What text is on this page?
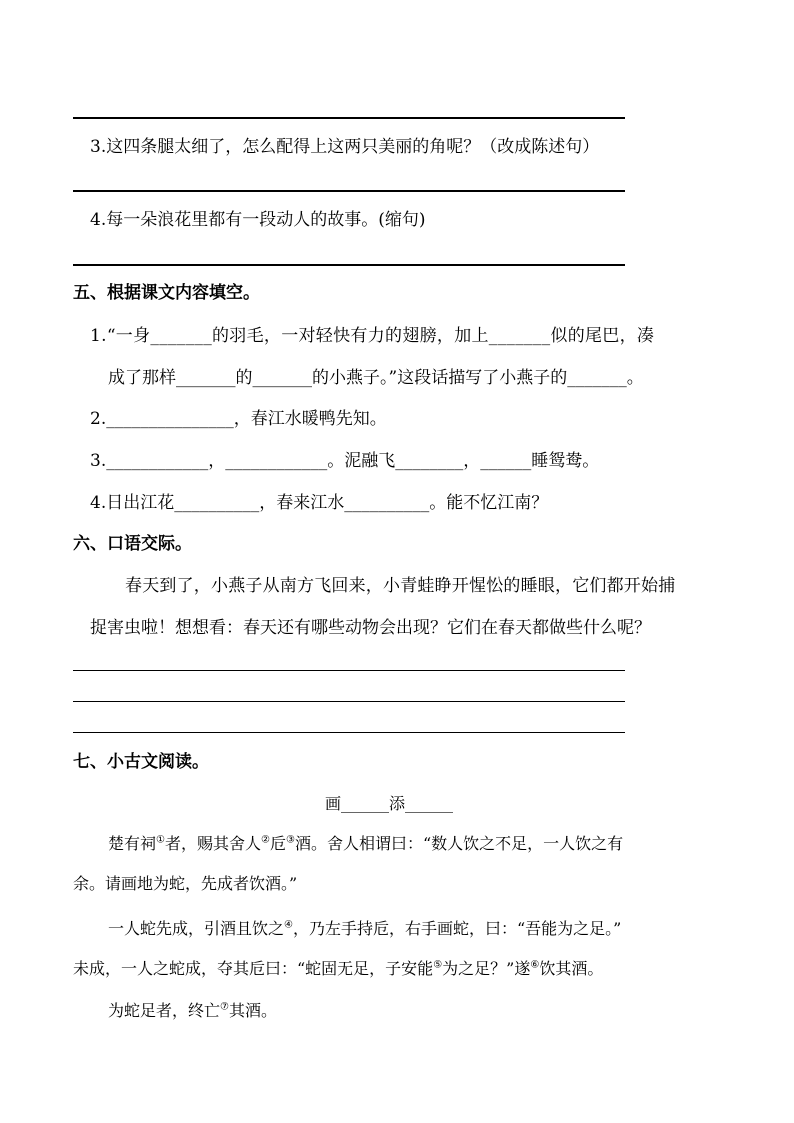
3.这四条腿太细了，怎么配得上这两只美丽的角呢？（改成陈述句）
4.每一朵浪花里都有一段动人的故事。(缩句)
五、根据课文内容填空。
1.“一身_______的羽毛，一对轻快有力的翅膀，加上_______似的尾巴，凑
成了那样_______的_______的小燕子。”这段话描写了小燕子的_______。
2._______________，春江水暖鸭先知。
3.____________，____________。泥融飞________，______睡鸳鸯。
4.日出江花__________，春来江水__________。能不忆江南？
六、口语交际。
春天到了，小燕子从南方飞回来，小青蛙睁开惺忪的睡眼，它们都开始捕
捉害虫啦！想想看：春天还有哪些动物会出现？它们在春天都做些什么呢？
七、小古文阅读。
画______添______
楚有祠①者，赐其舍人②卮③酒。舍人相谓曰：“数人饮之不足，一人饮之有
余。请画地为蛇，先成者饮酒。”
一人蛇先成，引酒且饮之④，乃左手持卮，右手画蛇，曰：“吾能为之足。”
未成，一人之蛇成，夺其卮曰：“蛇固无足，子安能⑤为之足？”遂⑥饮其酒。
为蛇足者，终亡⑦其酒。
